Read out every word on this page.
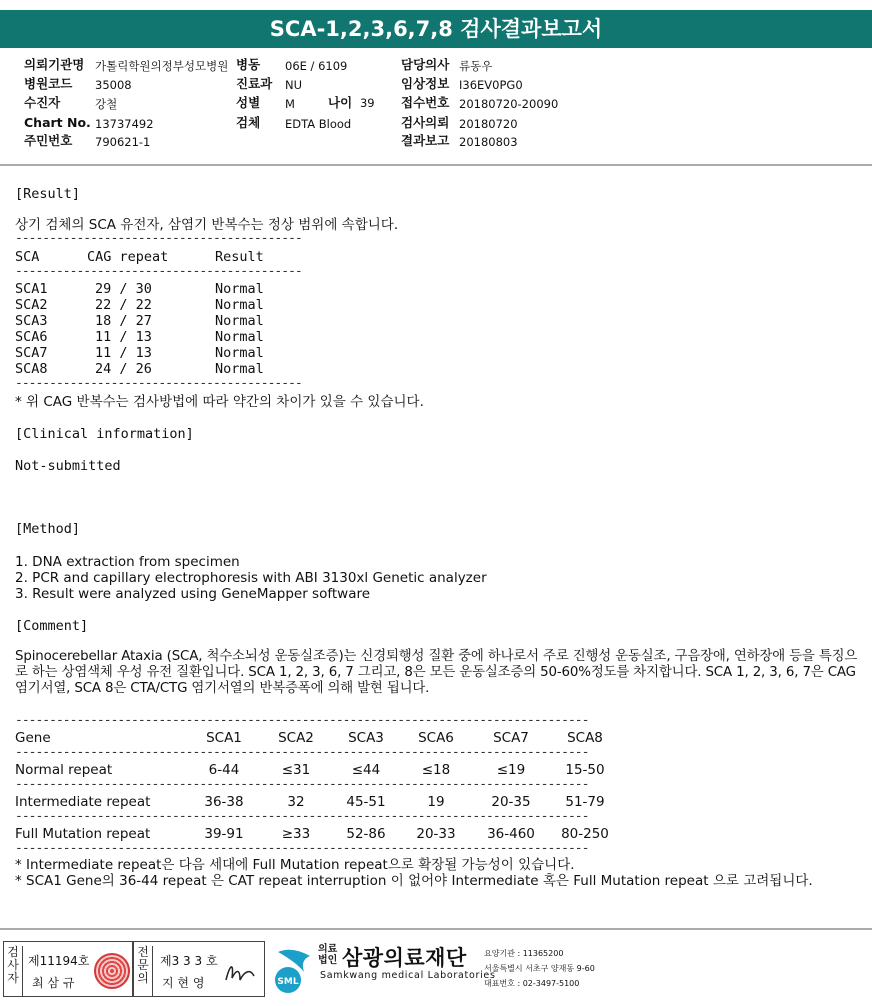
SCA-1,2,3,6,7,8 검사결과보고서
의뢰기관명 가톨릭학원의정부성모병원
병원코드 35008
수진자	강철
Chart No. 13737492
주민번호 790621-1
병동 06E / 6109
진료과 NU
성별 M
검체 EDTA Blood
담당의사 류동우
임상정보 I36EV0PG0
접수번호 20180720-20090
검사의뢰 20180720
결과보고 20180803
나이 39
[Result]
상기 검체의 SCA 유전자, 삼염기 반복수는 정상 범위에 속합니다.
------------------------------------------
SCA	CAG repeat	Result
------------------------------------------
SCA1	29 / 30	Normal
SCA2	22 / 22	Normal
SCA3	18 / 27	Normal
SCA6	11 / 13	Normal
SCA7	11 / 13	Normal
SCA8	24 / 26	Normal
------------------------------------------
* 위 CAG 반복수는 검사방법에 따라 약간의 차이가 있을 수 있습니다.
[Clinical information]
Not-submitted
[Method]
1. DNA extraction from specimen
2. PCR and capillary electrophoresis with ABI 3130xl Genetic analyzer
3. Result were analyzed using GeneMapper software
[Comment]
Spinocerebellar Ataxia (SCA, 척수소뇌성 운동실조증)는 신경퇴행성 질환 중에 하나로서 주로 진행성 운동실조, 구음장애, 연하장애 등을 특징으로 하는 상염색체 우성 유전 질환입니다. SCA 1, 2, 3, 6, 7 그리고, 8은 모든 운동실조증의 50-60%정도를 차지합니다. SCA 1, 2, 3, 6, 7은 CAG 염기서열, SCA 8은 CTA/CTG 염기서열의 반복증폭에 의해 발현 됩니다.
------------------------------------------------------------------------------------
Gene	SCA1	SCA2	SCA3	SCA6	SCA7	SCA8
------------------------------------------------------------------------------------
Normal repeat	6-44	≤31	≤44	≤18	≤19	15-50
------------------------------------------------------------------------------------
Intermediate repeat	36-38	32	45-51	19	20-35	51-79
------------------------------------------------------------------------------------
Full Mutation repeat	39-91	≥33	52-86	20-33	36-460	80-250
------------------------------------------------------------------------------------
* Intermediate repeat은 다음 세대에 Full Mutation repeat으로 확장될 가능성이 있습니다.
* SCA1 Gene의 36-44 repeat 은 CAT repeat interruption 이 없어야 Intermediate 혹은 Full Mutation repeat 으로 고려됩니다.
검사자
제11194호
최 삼 규
전문의
제3 3 3 호
지 현 영	SML
의료법인 삼광의료재단
Samkwang medical Laboratories
요양기관 : 11365200
서울특별시 서초구 양재동 9-60
대표번호 : 02-3497-5100
